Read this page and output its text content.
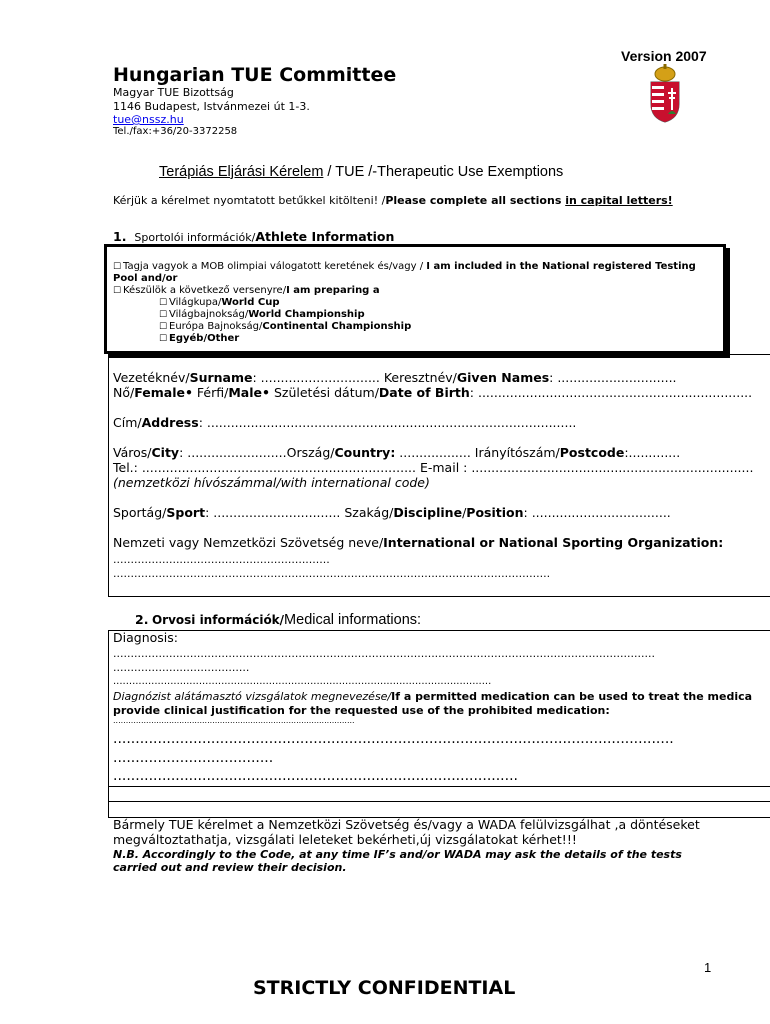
Version 2007
Hungarian TUE Committee
Magyar TUE Bizottság
1146 Budapest, Istvánmezei út 1-3.
tue@nssz.hu
Tel./fax:+36/20-3372258
Terápiás Eljárási Kérelem / TUE /-Therapeutic Use Exemptions
Kérjük a kérelmet nyomtatott betűkkel kitölteni! /Please complete all sections in capital letters!
1. Sportolói információk/Athlete Information
☐ Tagja vagyok a MOB olimpiai válogatott keretének és/vagy / I am included in the National registered Testing
Pool and/or
☐ Készülök a következő versenyre/I am preparing a
☐ Világkupa/World Cup
☐ Világbajnokság/World Championship
☐ Európa Bajnokság/Continental Championship
☐ Egyéb/Other
Vezetéknév/Surname: .............................. Keresztnév/Given Names: ..............................
Nő/Female• Férfi/Male• Születési dátum/Date of Birth: .....................................................................
Cím/Address: .............................................................................................
Város/City: .........................Ország/Country: .................. Irányítószám/Postcode:.............
Tel.: ..................................................................... E-mail : .......................................................................
(nemzetközi hívószámmal/with international code)
Sportág/Sport: ................................ Szakág/Discipline/Position: ...................................
Nemzeti vagy Nemzetközi Szövetség neve/International or National Sporting Organization:
..............................................................
.............................................................................................................................
2. Orvosi információk/Medical informations:
Diagnosis:
...........................................................................................................................................................
.......................................
.......................................................................................................................
Diagnózist alátámasztó vizsgálatok megnevezése/If a permitted medication can be used to treat the medica
provide clinical justification for the requested use of the prohibited medication:
...............................................................................................
..............................................................................................................................
....................................
...........................................................................................
Bármely TUE kérelmet a Nemzetközi Szövetség és/vagy a WADA felülvizsgálhat ,a döntéseket
megváltoztathatja, vizsgálati leleteket bekérheti,új vizsgálatokat kérhet!!!
N.B. Accordingly to the Code, at any time IF’s and/or WADA may ask the details of the tests
carried out and review their decision.
1
STRICTLY CONFIDENTIAL
